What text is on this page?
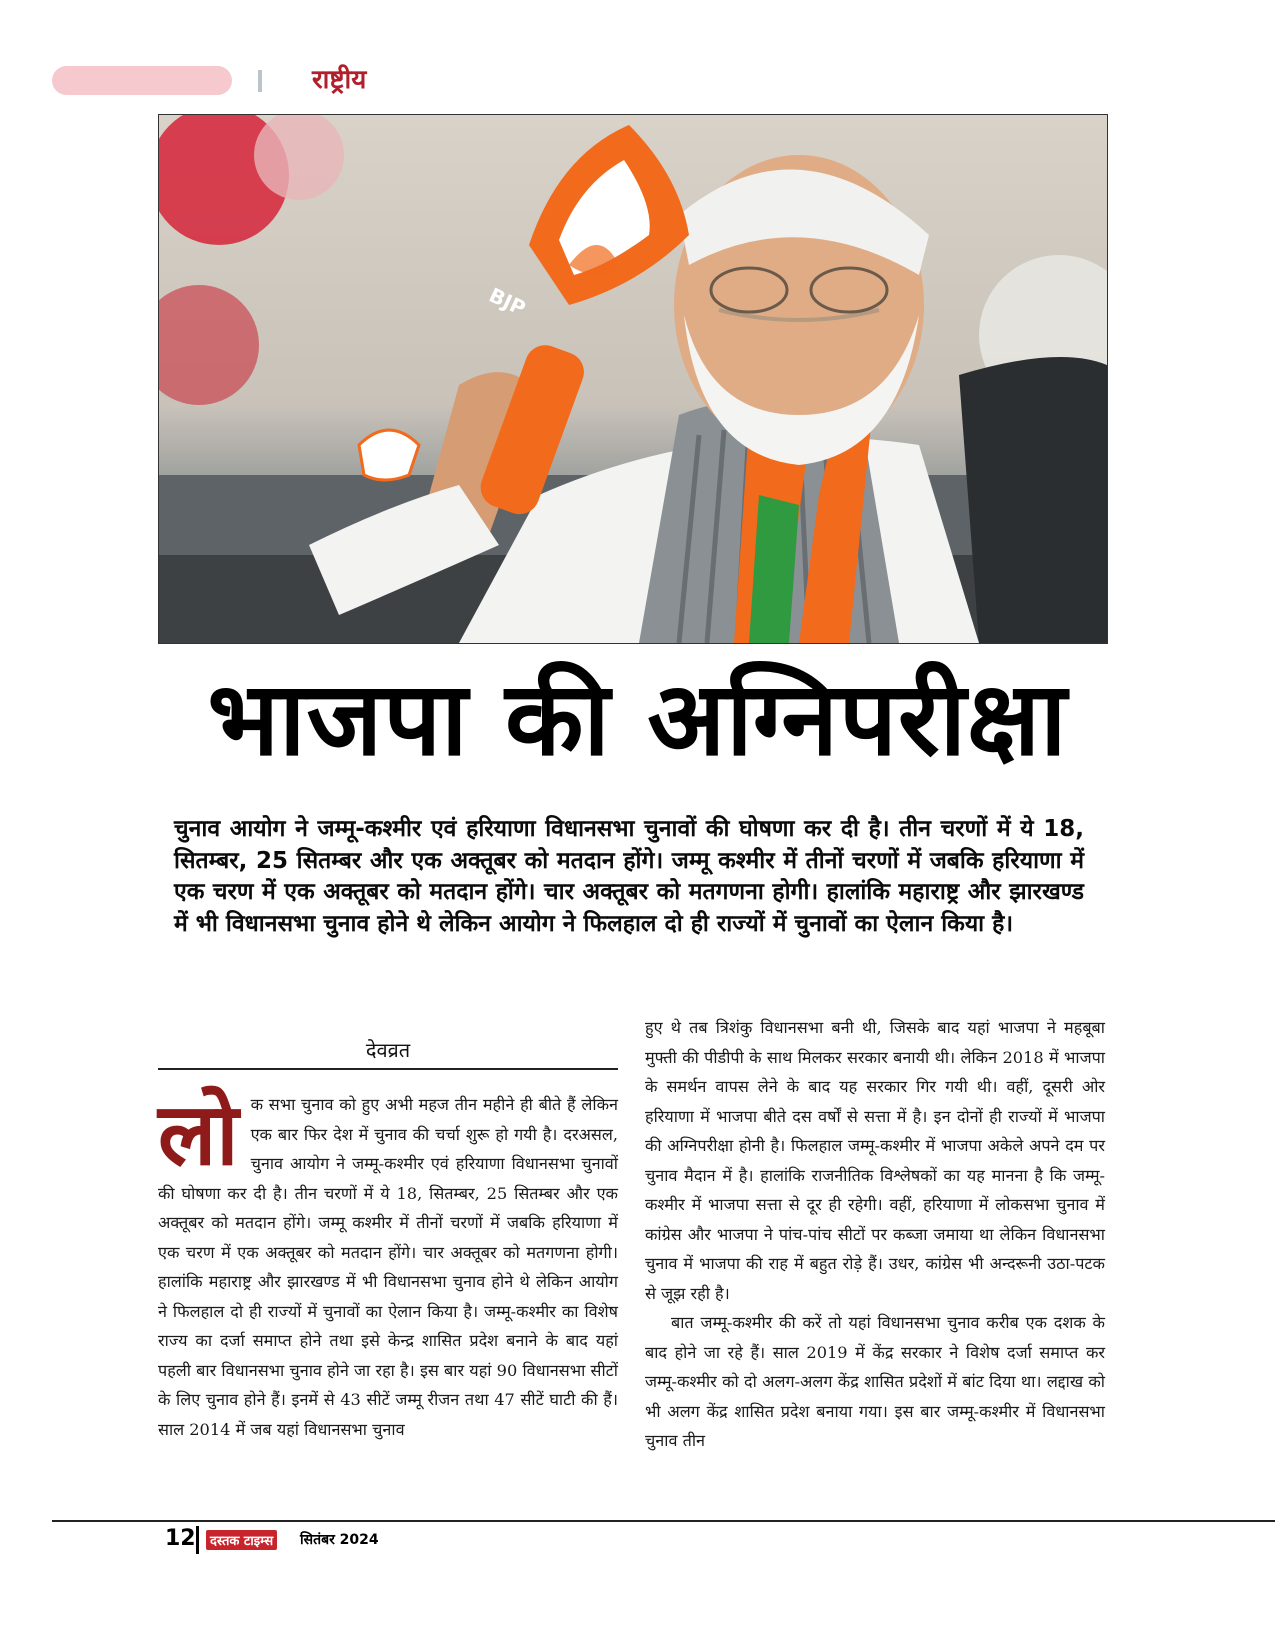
राष्ट्रीय
BJP
भाजपा की अग्निपरीक्षा
चुनाव आयोग ने जम्मू-कश्मीर एवं हरियाणा विधानसभा चुनावों की घोषणा कर दी है। तीन चरणों में ये 18, सितम्बर, 25 सितम्बर और एक अक्तूबर को मतदान होंगे। जम्मू कश्मीर में तीनों चरणों में जबकि हरियाणा में एक चरण में एक अक्तूबर को मतदान होंगे। चार अक्तूबर को मतगणना होगी। हालांकि महाराष्ट्र और झारखण्ड में भी विधानसभा चुनाव होने थे लेकिन आयोग ने फिलहाल दो ही राज्यों में चुनावों का ऐलान किया है।
देवव्रत
लो क सभा चुनाव को हुए अभी महज तीन महीने ही बीते हैं लेकिन एक बार फिर देश में चुनाव की चर्चा शुरू हो गयी है। दरअसल, चुनाव आयोग ने जम्मू-कश्मीर एवं हरियाणा विधानसभा चुनावों की घोषणा कर दी है। तीन चरणों में ये 18, सितम्बर, 25 सितम्बर और एक अक्तूबर को मतदान होंगे। जम्मू कश्मीर में तीनों चरणों में जबकि हरियाणा में एक चरण में एक अक्तूबर को मतदान होंगे। चार अक्तूबर को मतगणना होगी। हालांकि महाराष्ट्र और झारखण्ड में भी विधानसभा चुनाव होने थे लेकिन आयोग ने फिलहाल दो ही राज्यों में चुनावों का ऐलान किया है। जम्मू-कश्मीर का विशेष राज्य का दर्जा समाप्त होने तथा इसे केन्द्र शासित प्रदेश बनाने के बाद यहां पहली बार विधानसभा चुनाव होने जा रहा है। इस बार यहां 90 विधानसभा सीटों के लिए चुनाव होने हैं। इनमें से 43 सीटें जम्मू रीजन तथा 47 सीटें घाटी की हैं। साल 2014 में जब यहां विधानसभा चुनाव

हुए थे तब त्रिशंकु विधानसभा बनी थी, जिसके बाद यहां भाजपा ने महबूबा मुफ्ती की पीडीपी के साथ मिलकर सरकार बनायी थी। लेकिन 2018 में भाजपा के समर्थन वापस लेने के बाद यह सरकार गिर गयी थी। वहीं, दूसरी ओर हरियाणा में भाजपा बीते दस वर्षों से सत्ता में है। इन दोनों ही राज्यों में भाजपा की अग्निपरीक्षा होनी है। फिलहाल जम्मू-कश्मीर में भाजपा अकेले अपने दम पर चुनाव मैदान में है। हालांकि राजनीतिक विश्लेषकों का यह मानना है कि जम्मू-कश्मीर में भाजपा सत्ता से दूर ही रहेगी। वहीं, हरियाणा में लोकसभा चुनाव में कांग्रेस और भाजपा ने पांच-पांच सीटों पर कब्जा जमाया था लेकिन विधानसभा चुनाव में भाजपा की राह में बहुत रोड़े हैं। उधर, कांग्रेस भी अन्दरूनी उठा-पटक से जूझ रही है।

बात जम्मू-कश्मीर की करें तो यहां विधानसभा चुनाव करीब एक दशक के बाद होने जा रहे हैं। साल 2019 में केंद्र सरकार ने विशेष दर्जा समाप्त कर जम्मू-कश्मीर को दो अलग-अलग केंद्र शासित प्रदेशों में बांट दिया था। लद्दाख को भी अलग केंद्र शासित प्रदेश बनाया गया। इस बार जम्मू-कश्मीर में विधानसभा चुनाव तीन

12	दस्तक टाइम्स सितंबर 2024
